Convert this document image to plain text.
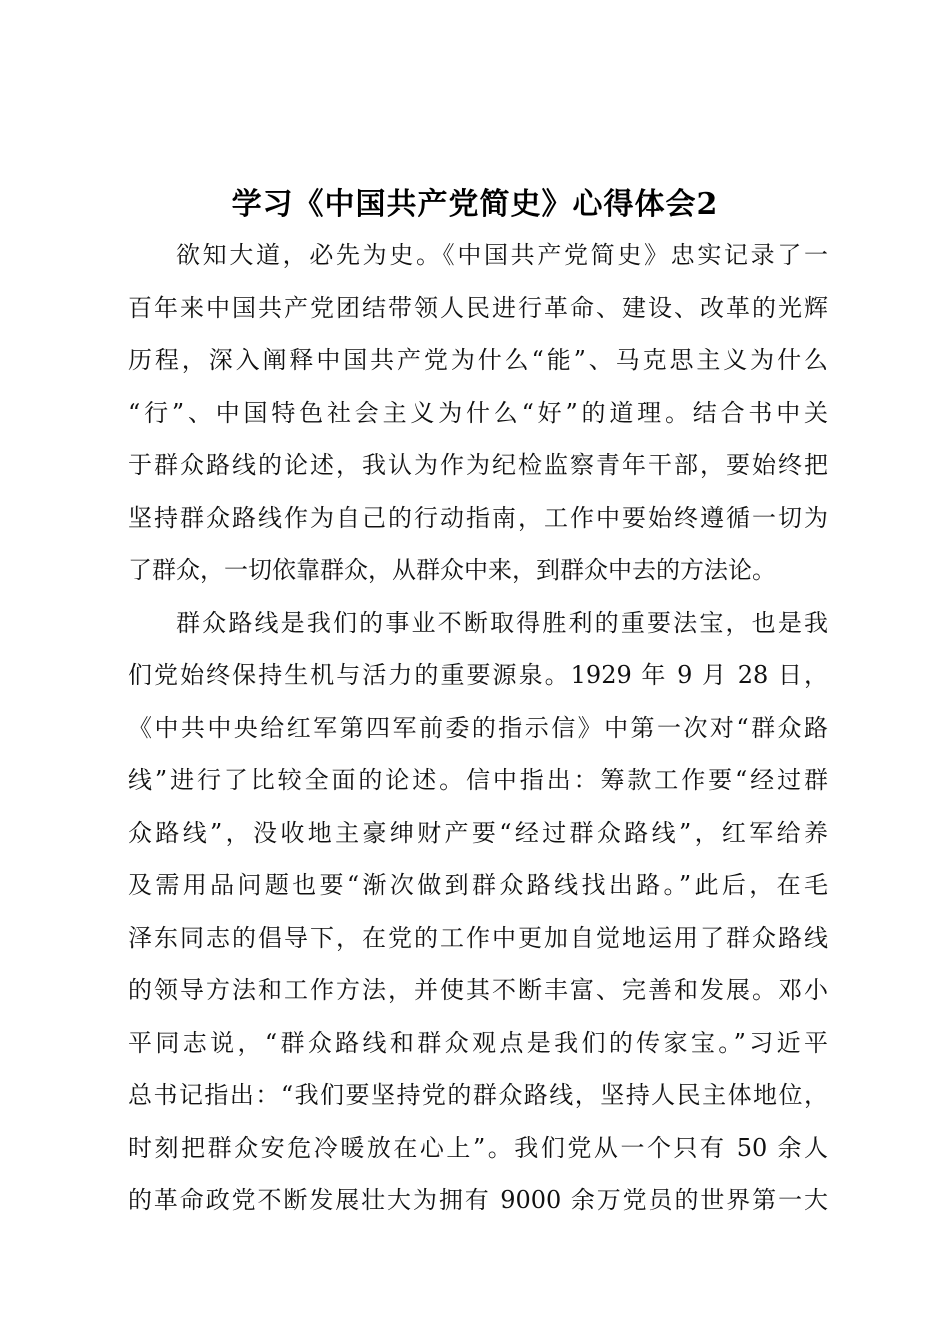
学习《中国共产党简史》心得体会2
欲知大道，必先为史。《中国共产党简史》忠实记录了一
百年来中国共产党团结带领人民进行革命、建设、改革的光辉
历程，深入阐释中国共产党为什么“能”、马克思主义为什么
“行”、中国特色社会主义为什么“好”的道理。结合书中关
于群众路线的论述，我认为作为纪检监察青年干部，要始终把
坚持群众路线作为自己的行动指南，工作中要始终遵循一切为
了群众，一切依靠群众，从群众中来，到群众中去的方法论。
群众路线是我们的事业不断取得胜利的重要法宝，也是我
们党始终保持生机与活力的重要源泉。1929 年 9 月 28 日，
《中共中央给红军第四军前委的指示信》中第一次对“群众路
线”进行了比较全面的论述。信中指出：筹款工作要“经过群
众路线”，没收地主豪绅财产要“经过群众路线”，红军给养
及需用品问题也要“渐次做到群众路线找出路。”此后，在毛
泽东同志的倡导下，在党的工作中更加自觉地运用了群众路线
的领导方法和工作方法，并使其不断丰富、完善和发展。邓小
平同志说，“群众路线和群众观点是我们的传家宝。”习近平
总书记指出：“我们要坚持党的群众路线，坚持人民主体地位，
时刻把群众安危冷暖放在心上”。我们党从一个只有 50 余人
的革命政党不断发展壮大为拥有 9000 余万党员的世界第一大
